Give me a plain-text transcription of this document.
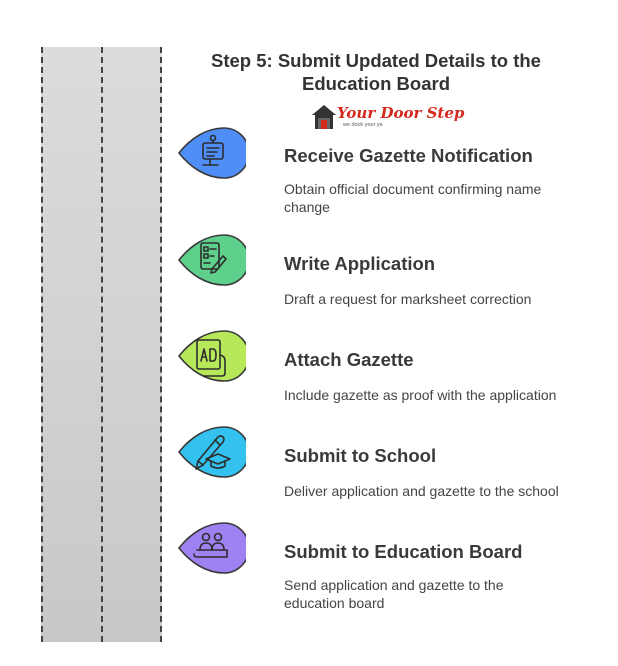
Step 5: Submit Updated Details to the
Education Board
Your Door Step
we dock your ye
Receive Gazette Notification
Obtain official document confirming name
change
Write Application
Draft a request for marksheet correction
Attach Gazette
Include gazette as proof with the application
Submit to School
Deliver application and gazette to the school
Submit to Education Board
Send application and gazette to the
education board
